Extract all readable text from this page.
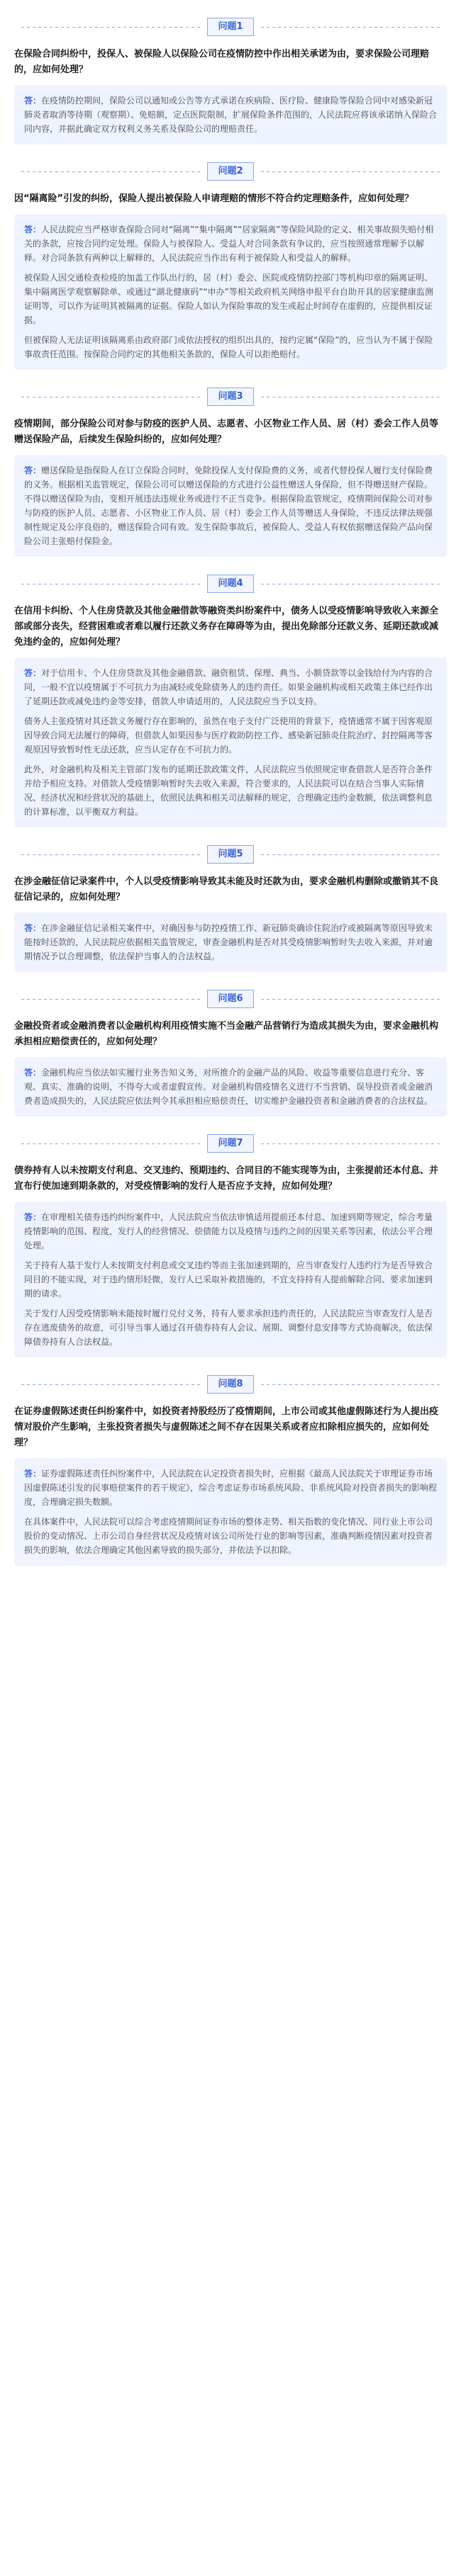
问题1
在保险合同纠纷中，投保人、被保险人以保险公司在疫情防控中作出相关承诺为由，要求保险公司理赔的，应如何处理？

答：在疫情防控期间，保险公司以通知或公告等方式承诺在疾病险、医疗险、健康险等保险合同中对感染新冠肺炎者取消等待期（观察期）、免赔额，定点医院限制，扩展保险条件范围的，人民法院应将该承诺纳入保险合同内容，并据此确定双方权利义务关系及保险公司的理赔责任。

问题2
因“隔离险”引发的纠纷，保险人提出被保险人申请理赔的情形不符合约定理赔条件，应如何处理？

答：人民法院应当严格审查保险合同对“隔离”“集中隔离”“居家隔离”等保险风险的定义、相关事故损失赔付相关的条款，应按合同约定处理。保险人与被保险人、受益人对合同条款有争议的，应当按照通常理解予以解释。对合同条款有两种以上解释的，人民法院应当作出有利于被保险人和受益人的解释。

被保险人因交通检查检疫的加盖工作队出行的，居（村）委会、医院或疫情防控部门等机构印章的隔离证明、集中隔离医学观察解除单、或通过“湖北健康码”“申办”等相关政府机关网络申报平台自助开具的居家健康监测证明等，可以作为证明其被隔离的证据。保险人如认为保险事故的发生或起止时间存在虚假的，应提供相反证据。

但被保险人无法证明该隔离系由政府部门或依法授权的组织出具的，按约定属“保险”的，应当认为不属于保险事故责任范围。按保险合同约定的其他相关条款的，保险人可以拒绝赔付。

问题3
疫情期间，部分保险公司对参与防疫的医护人员、志愿者、小区物业工作人员、居（村）委会工作人员等赠送保险产品，后续发生保险纠纷的，应如何处理？

答：赠送保险是指保险人在订立保险合同时，免除投保人支付保险费的义务，或者代替投保人履行支付保险费的义务。根据相关监管规定，保险公司可以赠送保险的方式进行公益性赠送人身保险，但不得赠送财产保险。不得以赠送保险为由，变相开展违法违规业务或进行不正当竞争。根据保险监管规定，疫情期间保险公司对参与防疫的医护人员、志愿者、小区物业工作人员、居（村）委会工作人员等赠送人身保险，不违反法律法规强制性规定及公序良俗的，赠送保险合同有效。发生保险事故后，被保险人、受益人有权依据赠送保险产品向保险公司主张赔付保险金。

问题4
在信用卡纠纷、个人住房贷款及其他金融借款等融资类纠纷案件中，债务人以受疫情影响导致收入来源全部或部分丧失，经营困难或者难以履行还款义务存在障碍等为由，提出免除部分还款义务、延期还款或减免违约金的，应如何处理？

答：对于信用卡、个人住房贷款及其他金融借款、融资租赁、保理、典当、小额贷款等以金钱给付为内容的合同，一般不宜以疫情属于不可抗力为由减轻或免除债务人的违约责任。如果金融机构或相关政策主体已经作出了延期还款或减免违约金等安排，借款人申请适用的，人民法院应当予以支持。

债务人主张疫情对其还款义务履行存在影响的，虽然在电子支付广泛使用的背景下，疫情通常不属于因客观原因导致合同无法履行的障碍，但借款人如果因参与医疗救助防控工作、感染新冠肺炎住院治疗、封控隔离等客观原因导致暂时性无法还款，应当认定存在不可抗力的。

此外，对金融机构及相关主管部门发布的延期还款政策文件，人民法院应当依照规定审查借款人是否符合条件并给予相应支持。对借款人受疫情影响暂时失去收入来源，符合要求的，人民法院可以在结合当事人实际情况、经济状况和经营状况的基础上，依照民法典和相关司法解释的规定，合理确定违约金数额，依法调整利息的计算标准，以平衡双方利益。

问题5
在涉金融征信记录案件中，个人以受疫情影响导致其未能及时还款为由，要求金融机构删除或撤销其不良征信记录的，应如何处理？

答：在涉金融征信记录相关案件中，对确因参与防控疫情工作、新冠肺炎确诊住院治疗或被隔离等原因导致未能按时还款的，人民法院应依据相关监管规定，审查金融机构是否对其受疫情影响暂时失去收入来源，并对逾期情况予以合理调整，依法保护当事人的合法权益。

问题6
金融投资者或金融消费者以金融机构利用疫情实施不当金融产品营销行为造成其损失为由，要求金融机构承担相应赔偿责任的，应如何处理？

答：金融机构应当依法如实履行业务告知义务，对所推介的金融产品的风险、收益等重要信息进行充分、客观、真实、准确的说明，不得夸大或者虚假宣传。对金融机构借疫情名义进行不当营销、误导投资者或金融消费者造成损失的，人民法院应依法判令其承担相应赔偿责任，切实维护金融投资者和金融消费者的合法权益。

问题7
债券持有人以未按期支付利息、交叉违约、预期违约、合同目的不能实现等为由，主张提前还本付息、并宣布行使加速到期条款的，对受疫情影响的发行人是否应予支持，应如何处理？

答：在审理相关债券违约纠纷案件中，人民法院应当依法审慎适用提前还本付息、加速到期等规定，综合考量疫情影响的范围、程度，发行人的经营情况、偿债能力以及疫情与违约之间的因果关系等因素，依法公平合理处理。

关于持有人基于发行人未按期支付利息或交叉违约等而主张加速到期的，应当审查发行人违约行为是否导致合同目的不能实现，对于违约情形轻微，发行人已采取补救措施的，不宜支持持有人提前解除合同、要求加速到期的请求。

关于发行人因受疫情影响未能按时履行兑付义务，持有人要求承担违约责任的，人民法院应当审查发行人是否存在逃废债务的故意，可引导当事人通过召开债券持有人会议、展期、调整付息安排等方式协商解决，依法保障债券持有人合法权益。

问题8
在证券虚假陈述责任纠纷案件中，如投资者持股经历了疫情期间，上市公司或其他虚假陈述行为人提出疫情对股价产生影响，主张投资者损失与虚假陈述之间不存在因果关系或者应扣除相应损失的，应如何处理？

答：证券虚假陈述责任纠纷案件中，人民法院在认定投资者损失时，应根据《最高人民法院关于审理证券市场因虚假陈述引发的民事赔偿案件的若干规定》，综合考虑证券市场系统风险、非系统风险对投资者损失的影响程度，合理确定损失数额。

在具体案件中，人民法院可以综合考虑疫情期间证券市场的整体走势、相关指数的变化情况、同行业上市公司股价的变动情况、上市公司自身经营状况及疫情对该公司所处行业的影响等因素，准确判断疫情因素对投资者损失的影响，依法合理确定其他因素导致的损失部分，并依法予以扣除。
